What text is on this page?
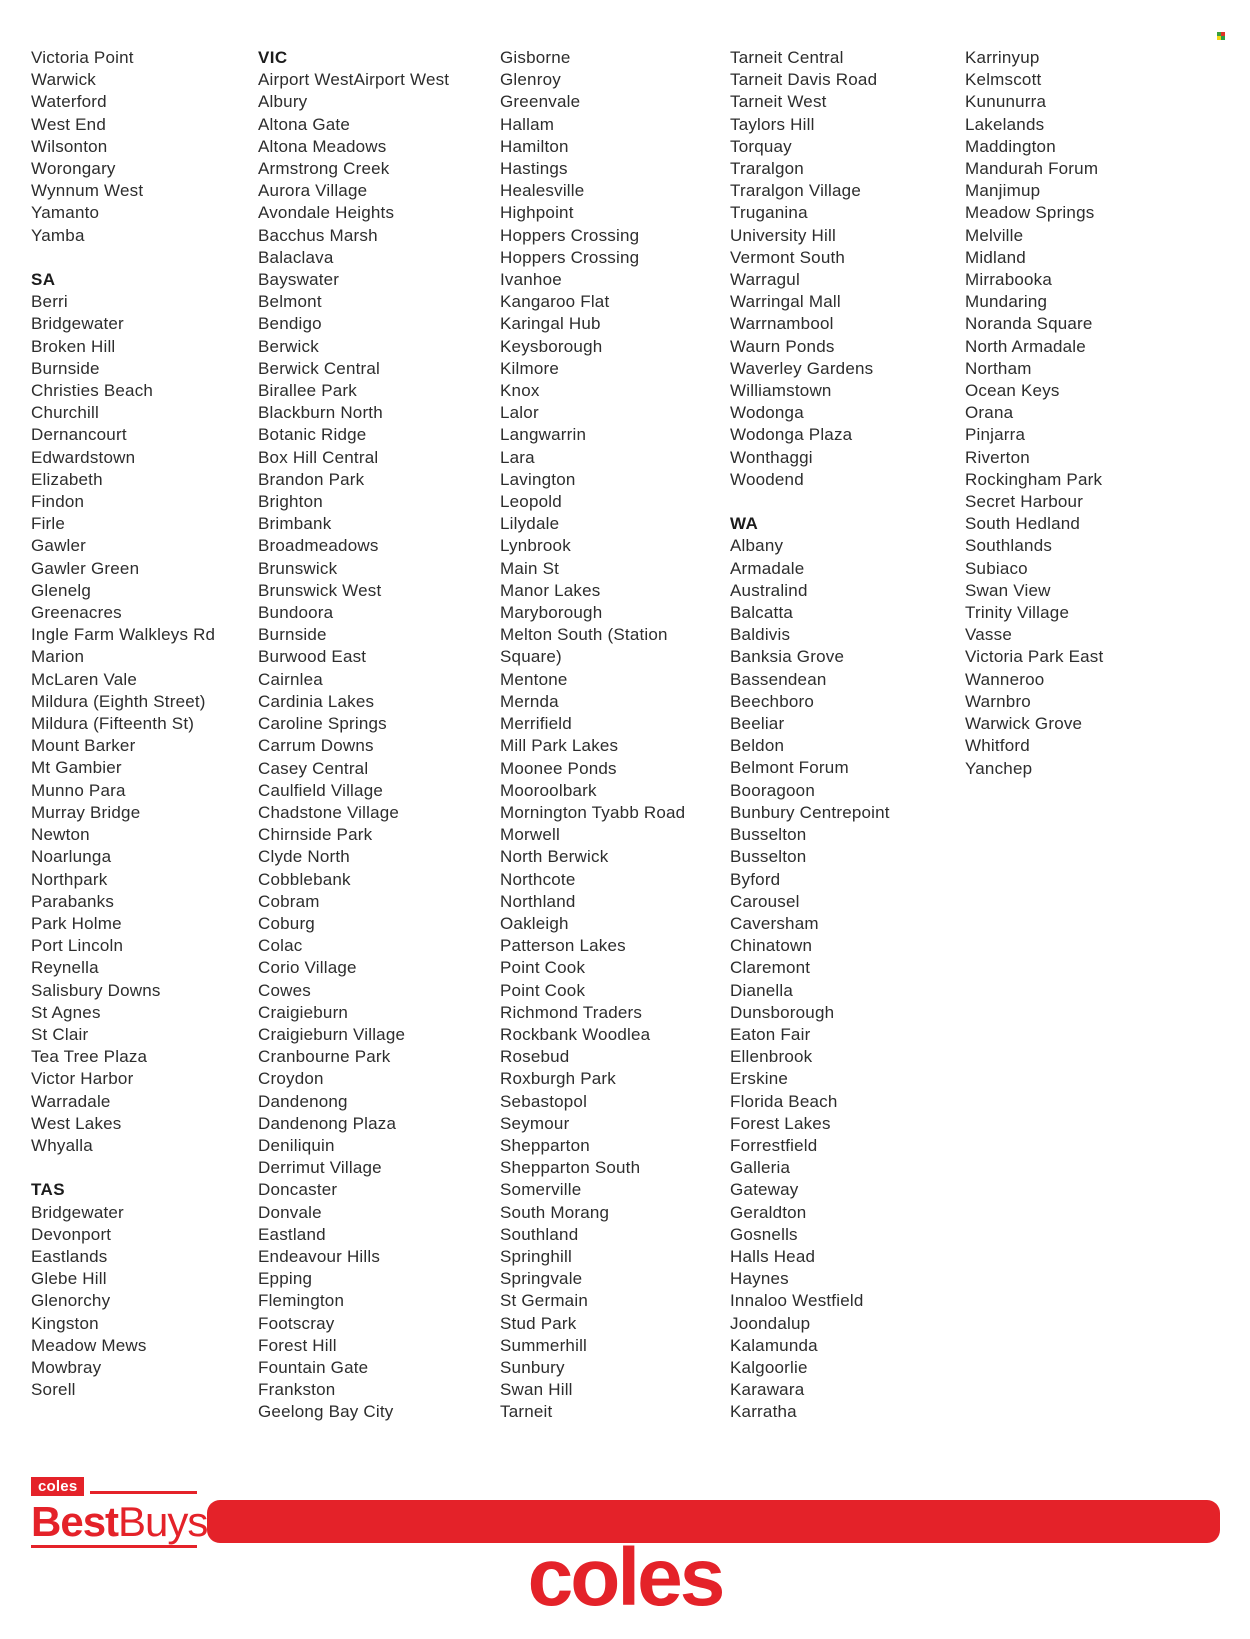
Victoria Point
Warwick
Waterford
West End
Wilsonton
Worongary
Wynnum West
Yamanto
Yamba
SA
Berri
Bridgewater
Broken Hill
Burnside
Christies Beach
Churchill
Dernancourt
Edwardstown
Elizabeth
Findon
Firle
Gawler
Gawler Green
Glenelg
Greenacres
Ingle Farm Walkleys Rd
Marion
McLaren Vale
Mildura (Eighth Street)
Mildura (Fifteenth St)
Mount Barker
Mt Gambier
Munno Para
Murray Bridge
Newton
Noarlunga
Northpark
Parabanks
Park Holme
Port Lincoln
Reynella
Salisbury Downs
St Agnes
St Clair
Tea Tree Plaza
Victor Harbor
Warradale
West Lakes
Whyalla
TAS
Bridgewater
Devonport
Eastlands
Glebe Hill
Glenorchy
Kingston
Meadow Mews
Mowbray
Sorell
VIC
Airport WestAirport West
Albury
Altona Gate
Altona Meadows
Armstrong Creek
Aurora Village
Avondale Heights
Bacchus Marsh
Balaclava
Bayswater
Belmont
Bendigo
Berwick
Berwick Central
Birallee Park
Blackburn North
Botanic Ridge
Box Hill Central
Brandon Park
Brighton
Brimbank
Broadmeadows
Brunswick
Brunswick West
Bundoora
Burnside
Burwood East
Cairnlea
Cardinia Lakes
Caroline Springs
Carrum Downs
Casey Central
Caulfield Village
Chadstone Village
Chirnside Park
Clyde North
Cobblebank
Cobram
Coburg
Colac
Corio Village
Cowes
Craigieburn
Craigieburn Village
Cranbourne Park
Croydon
Dandenong
Dandenong Plaza
Deniliquin
Derrimut Village
Doncaster
Donvale
Eastland
Endeavour Hills
Epping
Flemington
Footscray
Forest Hill
Fountain Gate
Frankston
Geelong Bay City
Gisborne
Glenroy
Greenvale
Hallam
Hamilton
Hastings
Healesville
Highpoint
Hoppers Crossing
Hoppers Crossing
Ivanhoe
Kangaroo Flat
Karingal Hub
Keysborough
Kilmore
Knox
Lalor
Langwarrin
Lara
Lavington
Leopold
Lilydale
Lynbrook
Main St
Manor Lakes
Maryborough
Melton South (Station Square)
Mentone
Mernda
Merrifield
Mill Park Lakes
Moonee Ponds
Mooroolbark
Mornington Tyabb Road
Morwell
North Berwick
Northcote
Northland
Oakleigh
Patterson Lakes
Point Cook
Point Cook
Richmond Traders
Rockbank Woodlea
Rosebud
Roxburgh Park
Sebastopol
Seymour
Shepparton
Shepparton South
Somerville
South Morang
Southland
Springhill
Springvale
St Germain
Stud Park
Summerhill
Sunbury
Swan Hill
Tarneit
Tarneit Central
Tarneit Davis Road
Tarneit West
Taylors Hill
Torquay
Traralgon
Traralgon Village
Truganina
University Hill
Vermont South
Warragul
Warringal Mall
Warrnambool
Waurn Ponds
Waverley Gardens
Williamstown
Wodonga
Wodonga Plaza
Wonthaggi
Woodend
WA
Albany
Armadale
Australind
Balcatta
Baldivis
Banksia Grove
Bassendean
Beechboro
Beeliar
Beldon
Belmont Forum
Booragoon
Bunbury Centrepoint
Busselton
Busselton
Byford
Carousel
Caversham
Chinatown
Claremont
Dianella
Dunsborough
Eaton Fair
Ellenbrook
Erskine
Florida Beach
Forest Lakes
Forrestfield
Galleria
Gateway
Geraldton
Gosnells
Halls Head
Haynes
Innaloo Westfield
Joondalup
Kalamunda
Kalgoorlie
Karawara
Karratha
Karrinyup
Kelmscott
Kununurra
Lakelands
Maddington
Mandurah Forum
Manjimup
Meadow Springs
Melville
Midland
Mirrabooka
Mundaring
Noranda Square
North Armadale
Northam
Ocean Keys
Orana
Pinjarra
Riverton
Rockingham Park
Secret Harbour
South Hedland
Southlands
Subiaco
Swan View
Trinity Village
Vasse
Victoria Park East
Wanneroo
Warnbro
Warwick Grove
Whitford
Yanchep
coles
BestBuys
coles
